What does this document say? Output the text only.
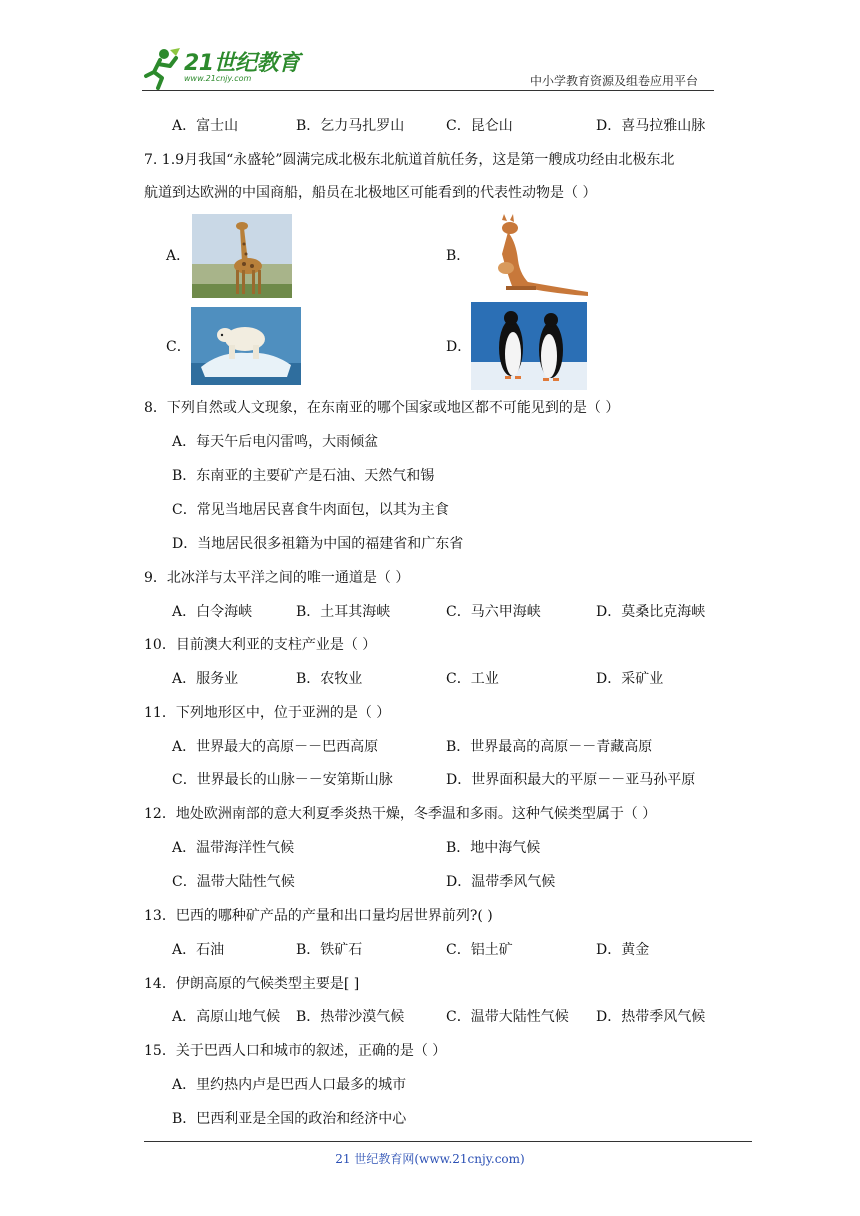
21世纪教育
www.21cnjy.com	中小学教育资源及组卷应用平台
A．富士山	B．乞力马扎罗山	C．昆仑山	D．喜马拉雅山脉
7. 1.9月我国“永盛轮”圆满完成北极东北航道首航任务，这是第一艘成功经由北极东北
航道到达欧洲的中国商船，船员在北极地区可能看到的代表性动物是（ ）
A．	B．
C．	D．
8．下列自然或人文现象，在东南亚的哪个国家或地区都不可能见到的是（ ）
A．每天午后电闪雷鸣，大雨倾盆
B．东南亚的主要矿产是石油、天然气和锡
C．常见当地居民喜食牛肉面包，以其为主食
D．当地居民很多祖籍为中国的福建省和广东省
9．北冰洋与太平洋之间的唯一通道是（ ）
A．白令海峡	B．土耳其海峡	C．马六甲海峡	D．莫桑比克海峡
10．目前澳大利亚的支柱产业是（ ）
A．服务业	B．农牧业	C．工业	D．采矿业
11．下列地形区中，位于亚洲的是（ ）
A．世界最大的高原－－巴西高原	B．世界最高的高原－－青藏高原
C．世界最长的山脉－－安第斯山脉	D．世界面积最大的平原－－亚马孙平原
12．地处欧洲南部的意大利夏季炎热干燥，冬季温和多雨。这种气候类型属于（ ）
A．温带海洋性气候	B．地中海气候
C．温带大陆性气候	D．温带季风气候
13．巴西的哪种矿产品的产量和出口量均居世界前列?( )
A．石油	B．铁矿石	C．铝土矿	D．黄金
14．伊朗高原的气候类型主要是[ ]
A．高原山地气候 B．热带沙漠气候	C．温带大陆性气候 D．热带季风气候
15．关于巴西人口和城市的叙述，正确的是（ ）
A．里约热内卢是巴西人口最多的城市
B．巴西利亚是全国的政治和经济中心
21 世纪教育网(www.21cnjy.com)
